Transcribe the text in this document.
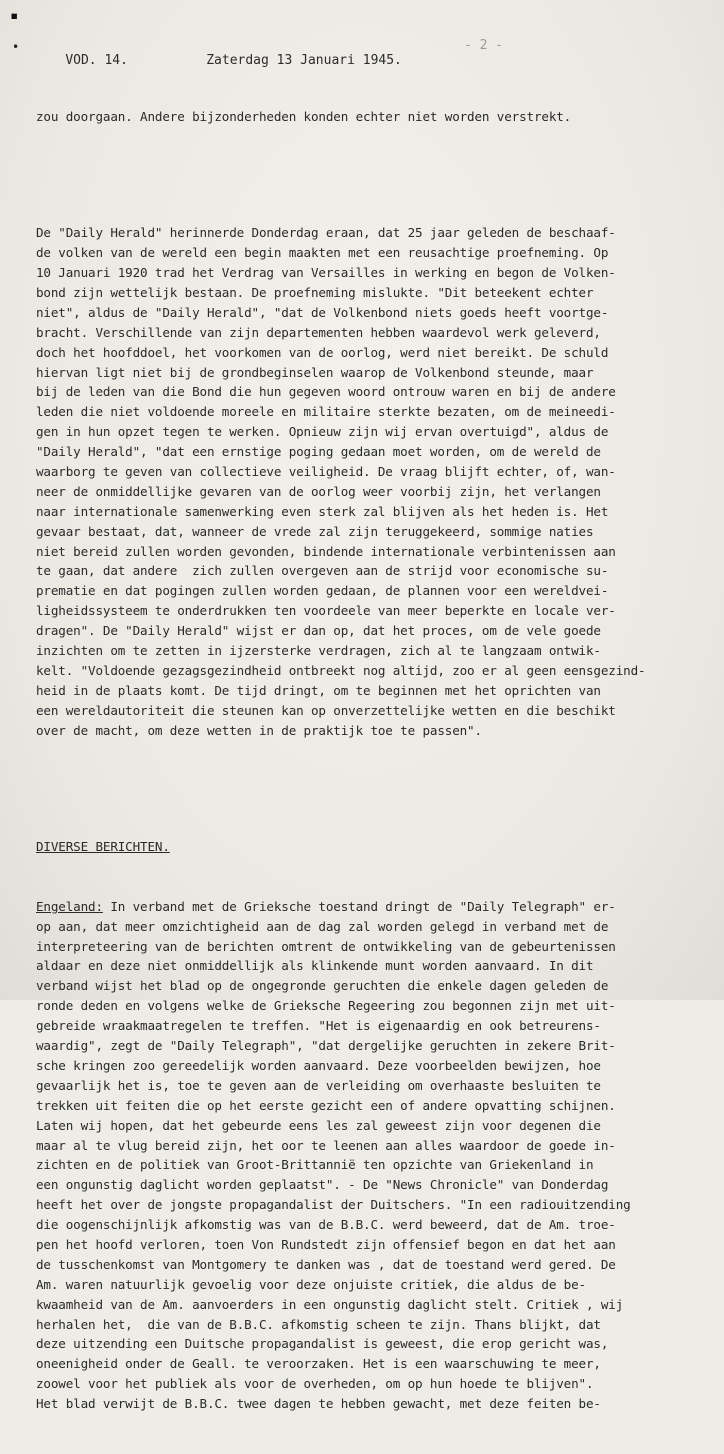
▪
•

VOD. 14.	Zaterdag 13 Januari 1945.

- 2 -

zou doorgaan. Andere bijzonderheden konden echter niet worden verstrekt.

De "Daily Herald" herinnerde Donderdag eraan, dat 25 jaar geleden de beschaaf-
de volken van de wereld een begin maakten met een reusachtige proefneming. Op
10 Januari 1920 trad het Verdrag van Versailles in werking en begon de Volken-
bond zijn wettelijk bestaan. De proefneming mislukte. "Dit beteekent echter
niet", aldus de "Daily Herald", "dat de Volkenbond niets goeds heeft voortge-
bracht. Verschillende van zijn departementen hebben waardevol werk geleverd,
doch het hoofddoel, het voorkomen van de oorlog, werd niet bereikt. De schuld
hiervan ligt niet bij de grondbeginselen waarop de Volkenbond steunde, maar
bij de leden van die Bond die hun gegeven woord ontrouw waren en bij de andere
leden die niet voldoende moreele en militaire sterkte bezaten, om de meineedi-
gen in hun opzet tegen te werken. Opnieuw zijn wij ervan overtuigd", aldus de
"Daily Herald", "dat een ernstige poging gedaan moet worden, om de wereld de
waarborg te geven van collectieve veiligheid. De vraag blijft echter, of, wan-
neer de onmiddellijke gevaren van de oorlog weer voorbij zijn, het verlangen
naar internationale samenwerking even sterk zal blijven als het heden is. Het
gevaar bestaat, dat, wanneer de vrede zal zijn teruggekeerd, sommige naties
niet bereid zullen worden gevonden, bindende internationale verbintenissen aan
te gaan, dat andere  zich zullen overgeven aan de strijd voor economische su-
prematie en dat pogingen zullen worden gedaan, de plannen voor een wereldvei-
ligheidssysteem te onderdrukken ten voordeele van meer beperkte en locale ver-
dragen". De "Daily Herald" wijst er dan op, dat het proces, om de vele goede
inzichten om te zetten in ijzersterke verdragen, zich al te langzaam ontwik-
kelt. "Voldoende gezagsgezindheid ontbreekt nog altijd, zoo er al geen eensgezind-
heid in de plaats komt. De tijd dringt, om te beginnen met het oprichten van
een wereldautoriteit die steunen kan op onverzettelijke wetten en die beschikt
over de macht, om deze wetten in de praktijk toe te passen".

DIVERSE BERICHTEN.

Engeland: In verband met de Grieksche toestand dringt de "Daily Telegraph" er-
op aan, dat meer omzichtigheid aan de dag zal worden gelegd in verband met de
interpreteering van de berichten omtrent de ontwikkeling van de gebeurtenissen
aldaar en deze niet onmiddellijk als klinkende munt worden aanvaard. In dit
verband wijst het blad op de ongegronde geruchten die enkele dagen geleden de
ronde deden en volgens welke de Grieksche Regeering zou begonnen zijn met uit-
gebreide wraakmaatregelen te treffen. "Het is eigenaardig en ook betreurens-
waardig", zegt de "Daily Telegraph", "dat dergelijke geruchten in zekere Brit-
sche kringen zoo gereedelijk worden aanvaard. Deze voorbeelden bewijzen, hoe
gevaarlijk het is, toe te geven aan de verleiding om overhaaste besluiten te
trekken uit feiten die op het eerste gezicht een of andere opvatting schijnen.
Laten wij hopen, dat het gebeurde eens les zal geweest zijn voor degenen die
maar al te vlug bereid zijn, het oor te leenen aan alles waardoor de goede in-
zichten en de politiek van Groot-Brittannië ten opzichte van Griekenland in
een ongunstig daglicht worden geplaatst". - De "News Chronicle" van Donderdag
heeft het over de jongste propagandalist der Duitschers. "In een radiouitzending
die oogenschijnlijk afkomstig was van de B.B.C. werd beweerd, dat de Am. troe-
pen het hoofd verloren, toen Von Rundstedt zijn offensief begon en dat het aan
de tusschenkomst van Montgomery te danken was , dat de toestand werd gered. De
Am. waren natuurlijk gevoelig voor deze onjuiste critiek, die aldus de be-
kwaamheid van de Am. aanvoerders in een ongunstig daglicht stelt. Critiek , wij
herhalen het,  die van de B.B.C. afkomstig scheen te zijn. Thans blijkt, dat
deze uitzending een Duitsche propagandalist is geweest, die erop gericht was,
oneenigheid onder de Geall. te veroorzaken. Het is een waarschuwing te meer,
zoowel voor het publiek als voor de overheden, om op hun hoede te blijven".
Het blad verwijt de B.B.C. twee dagen te hebben gewacht, met deze feiten be-
